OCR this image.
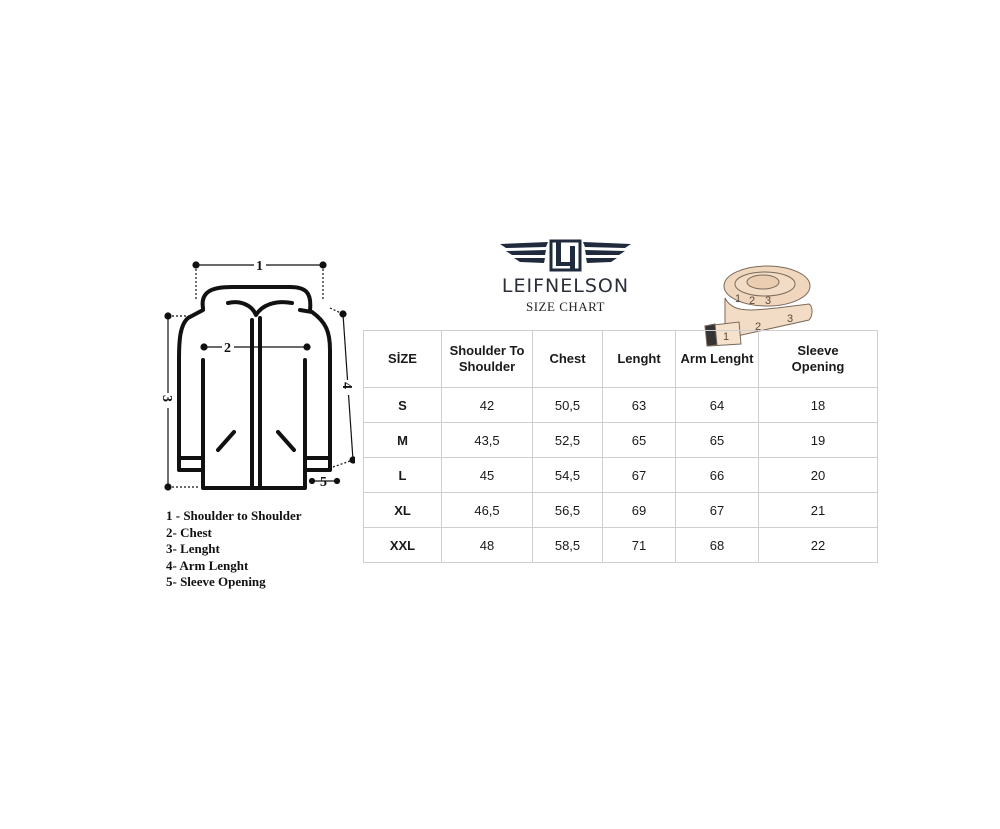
1
2
3
4
5
1 - Shoulder to Shoulder
2- Chest
3- Lenght
4- Arm Lenght
5- Sleeve Opening
LEIFNELSON
SIZE CHART
1
2
3
1 2 3
SİZE	Shoulder To Shoulder	Chest	Lenght	Arm Lenght	Sleeve Opening
S	42	50,5	63	64	18
M	43,5	52,5	65	65	19
L	45	54,5	67	66	20
XL	46,5	56,5	69	67	21
XXL	48	58,5	71	68	22
